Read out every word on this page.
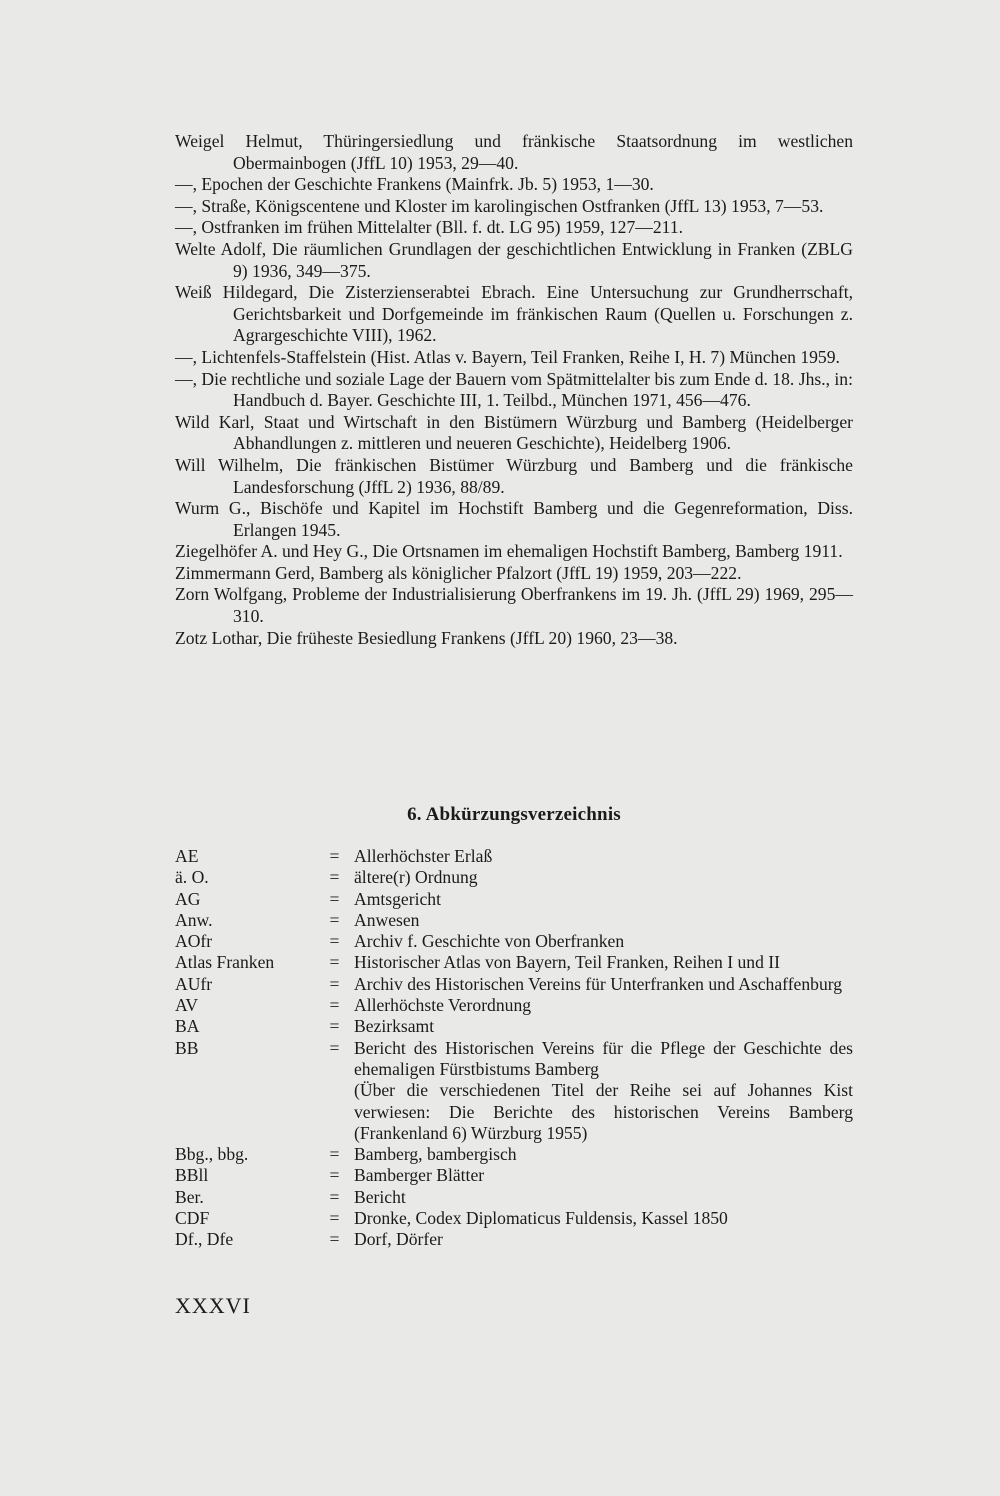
Weigel Helmut, Thüringersiedlung und fränkische Staatsordnung im westlichen Obermainbogen (JffL 10) 1953, 29—40.

—, Epochen der Geschichte Frankens (Mainfrk. Jb. 5) 1953, 1—30.

—, Straße, Königscentene und Kloster im karolingischen Ostfranken (JffL 13) 1953, 7—53.

—, Ostfranken im frühen Mittelalter (Bll. f. dt. LG 95) 1959, 127—211.

Welte Adolf, Die räumlichen Grundlagen der geschichtlichen Entwicklung in Franken (ZBLG 9) 1936, 349—375.

Weiß Hildegard, Die Zisterzienserabtei Ebrach. Eine Untersuchung zur Grundherrschaft, Gerichtsbarkeit und Dorfgemeinde im fränkischen Raum (Quellen u. Forschungen z. Agrargeschichte VIII), 1962.

—, Lichtenfels-Staffelstein (Hist. Atlas v. Bayern, Teil Franken, Reihe I, H. 7) München 1959.

—, Die rechtliche und soziale Lage der Bauern vom Spätmittelalter bis zum Ende d. 18. Jhs., in: Handbuch d. Bayer. Geschichte III, 1. Teilbd., München 1971, 456—476.

Wild Karl, Staat und Wirtschaft in den Bistümern Würzburg und Bamberg (Heidelberger Abhandlungen z. mittleren und neueren Geschichte), Heidelberg 1906.

Will Wilhelm, Die fränkischen Bistümer Würzburg und Bamberg und die fränkische Landesforschung (JffL 2) 1936, 88/89.

Wurm G., Bischöfe und Kapitel im Hochstift Bamberg und die Gegenreformation, Diss. Erlangen 1945.

Ziegelhöfer A. und Hey G., Die Ortsnamen im ehemaligen Hochstift Bamberg, Bamberg 1911.

Zimmermann Gerd, Bamberg als königlicher Pfalzort (JffL 19) 1959, 203—222.

Zorn Wolfgang, Probleme der Industrialisierung Oberfrankens im 19. Jh. (JffL 29) 1969, 295—310.

Zotz Lothar, Die früheste Besiedlung Frankens (JffL 20) 1960, 23—38.

6. Abkürzungsverzeichnis
AE	= Allerhöchster Erlaß
ä. O.	= ältere(r) Ordnung
AG	= Amtsgericht
Anw.	= Anwesen
AOfr	= Archiv f. Geschichte von Oberfranken
Atlas Franken	= Historischer Atlas von Bayern, Teil Franken, Reihen I und II
AUfr	= Archiv des Historischen Vereins für Unterfranken und Aschaffenburg
AV	= Allerhöchste Verordnung
BA	= Bezirksamt
BB	= Bericht des Historischen Vereins für die Pflege der Geschichte des ehemaligen Fürstbistums Bamberg

(Über die verschiedenen Titel der Reihe sei auf Johannes Kist verwiesen: Die Berichte des historischen Vereins Bamberg (Frankenland 6) Würzburg 1955)

Bbg., bbg.	= Bamberg, bambergisch
BBll	= Bamberger Blätter
Ber.	= Bericht
CDF	= Dronke, Codex Diplomaticus Fuldensis, Kassel 1850
Df., Dfe	= Dorf, Dörfer
XXXVI
